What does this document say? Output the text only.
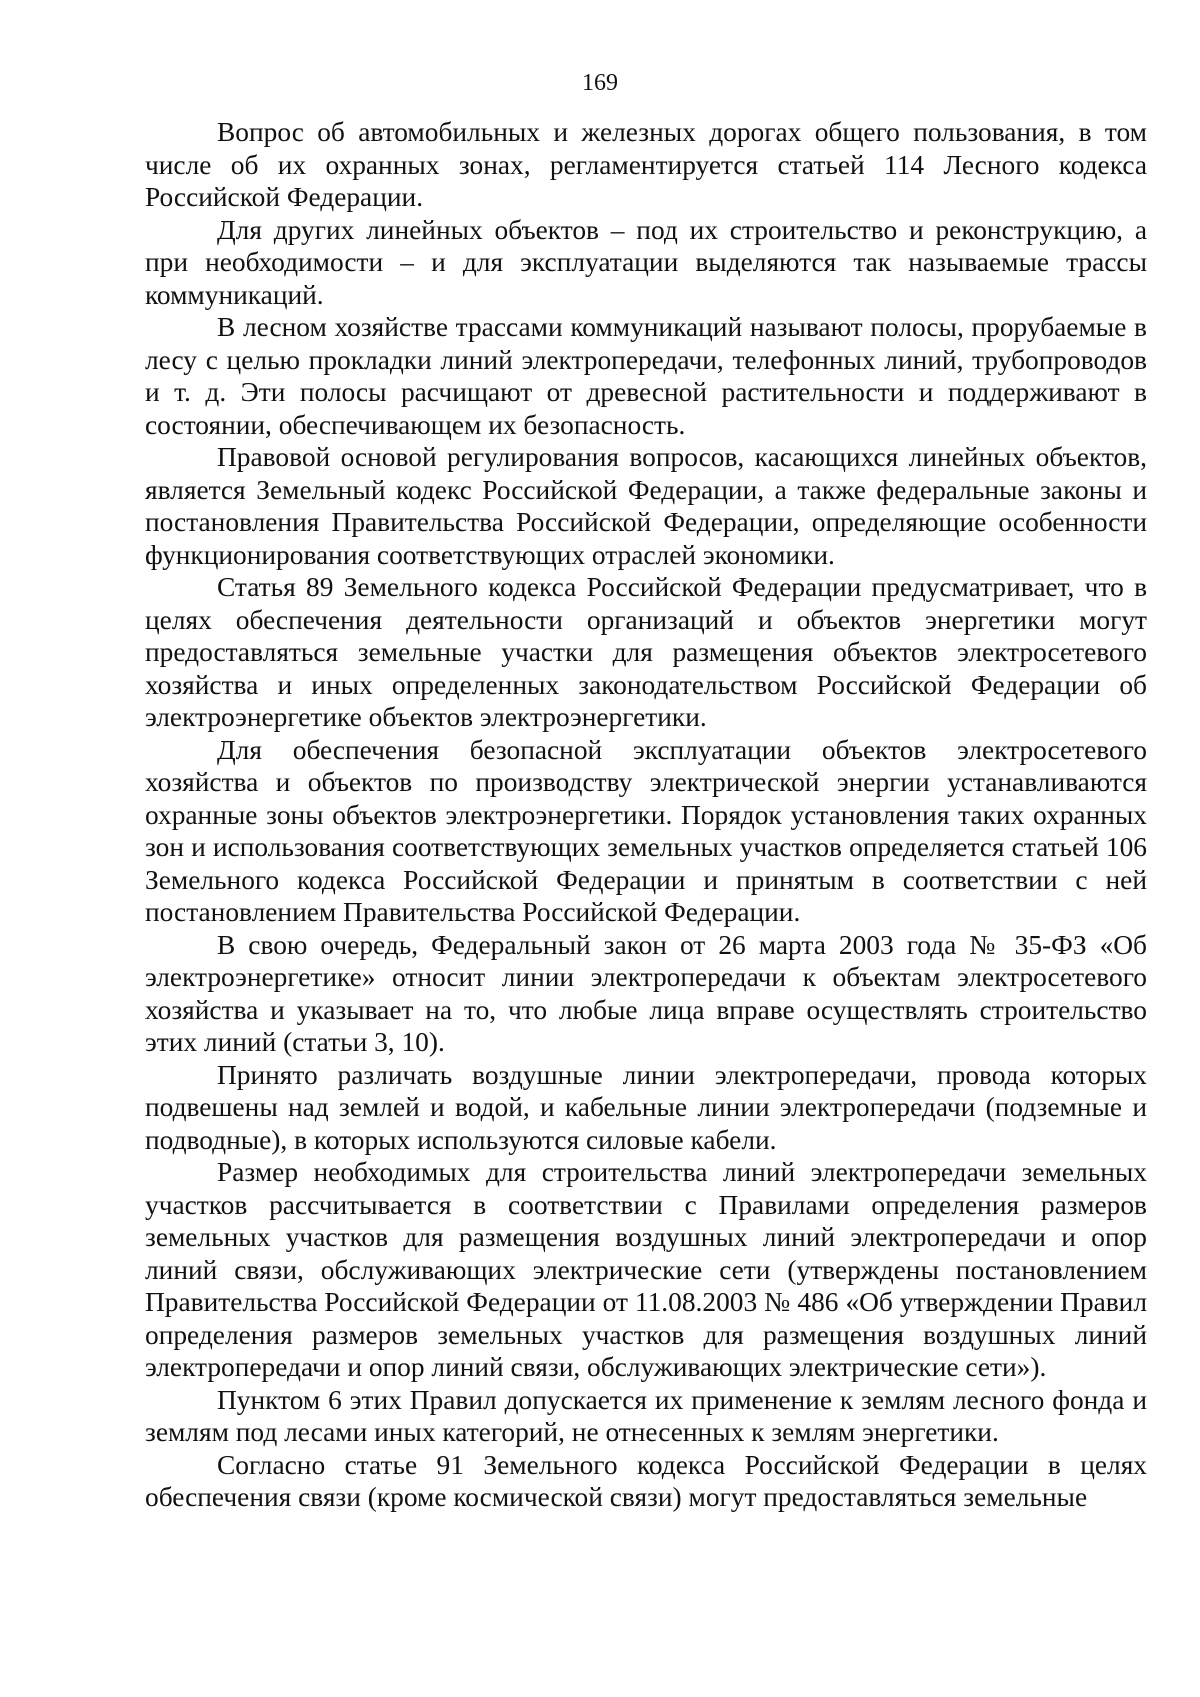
169

Вопрос об автомобильных и железных дорогах общего пользования, в том числе об их охранных зонах, регламентируется статьей 114 Лесного кодекса Российской Федерации.

Для других линейных объектов – под их строительство и реконструкцию, а при необходимости – и для эксплуатации выделяются так называемые трассы коммуникаций.

В лесном хозяйстве трассами коммуникаций называют полосы, прорубаемые в лесу с целью прокладки линий электропередачи, телефонных линий, трубопроводов и т. д. Эти полосы расчищают от древесной растительности и поддерживают в состоянии, обеспечивающем их безопасность.

Правовой основой регулирования вопросов, касающихся линейных объектов, является Земельный кодекс Российской Федерации, а также федеральные законы и постановления Правительства Российской Федерации, определяющие особенности функционирования соответствующих отраслей экономики.

Статья 89 Земельного кодекса Российской Федерации предусматривает, что в целях обеспечения деятельности организаций и объектов энергетики могут предоставляться земельные участки для размещения объектов электросетевого хозяйства и иных определенных законодательством Российской Федерации об электроэнергетике объектов электроэнергетики.

Для обеспечения безопасной эксплуатации объектов электросетевого хозяйства и объектов по производству электрической энергии устанавливаются охранные зоны объектов электроэнергетики. Порядок установления таких охранных зон и использования соответствующих земельных участков определяется статьей 106 Земельного кодекса Российской Федерации и принятым в соответствии с ней постановлением Правительства Российской Федерации.

В свою очередь, Федеральный закон от 26 марта 2003 года № 35-ФЗ «Об электроэнергетике» относит линии электропередачи к объектам электросетевого хозяйства и указывает на то, что любые лица вправе осуществлять строительство этих линий (статьи 3, 10).

Принято различать воздушные линии электропередачи, провода которых подвешены над землей и водой, и кабельные линии электропередачи (подземные и подводные), в которых используются силовые кабели.

Размер необходимых для строительства линий электропередачи земельных участков рассчитывается в соответствии с Правилами определения размеров земельных участков для размещения воздушных линий электропередачи и опор линий связи, обслуживающих электрические сети (утверждены постановлением Правительства Российской Федерации от 11.08.2003 № 486 «Об утверждении Правил определения размеров земельных участков для размещения воздушных линий электропередачи и опор линий связи, обслуживающих электрические сети»).

Пунктом 6 этих Правил допускается их применение к землям лесного фонда и землям под лесами иных категорий, не отнесенных к землям энергетики.

Согласно статье 91 Земельного кодекса Российской Федерации в целях обеспечения связи (кроме космической связи) могут предоставляться земельные
